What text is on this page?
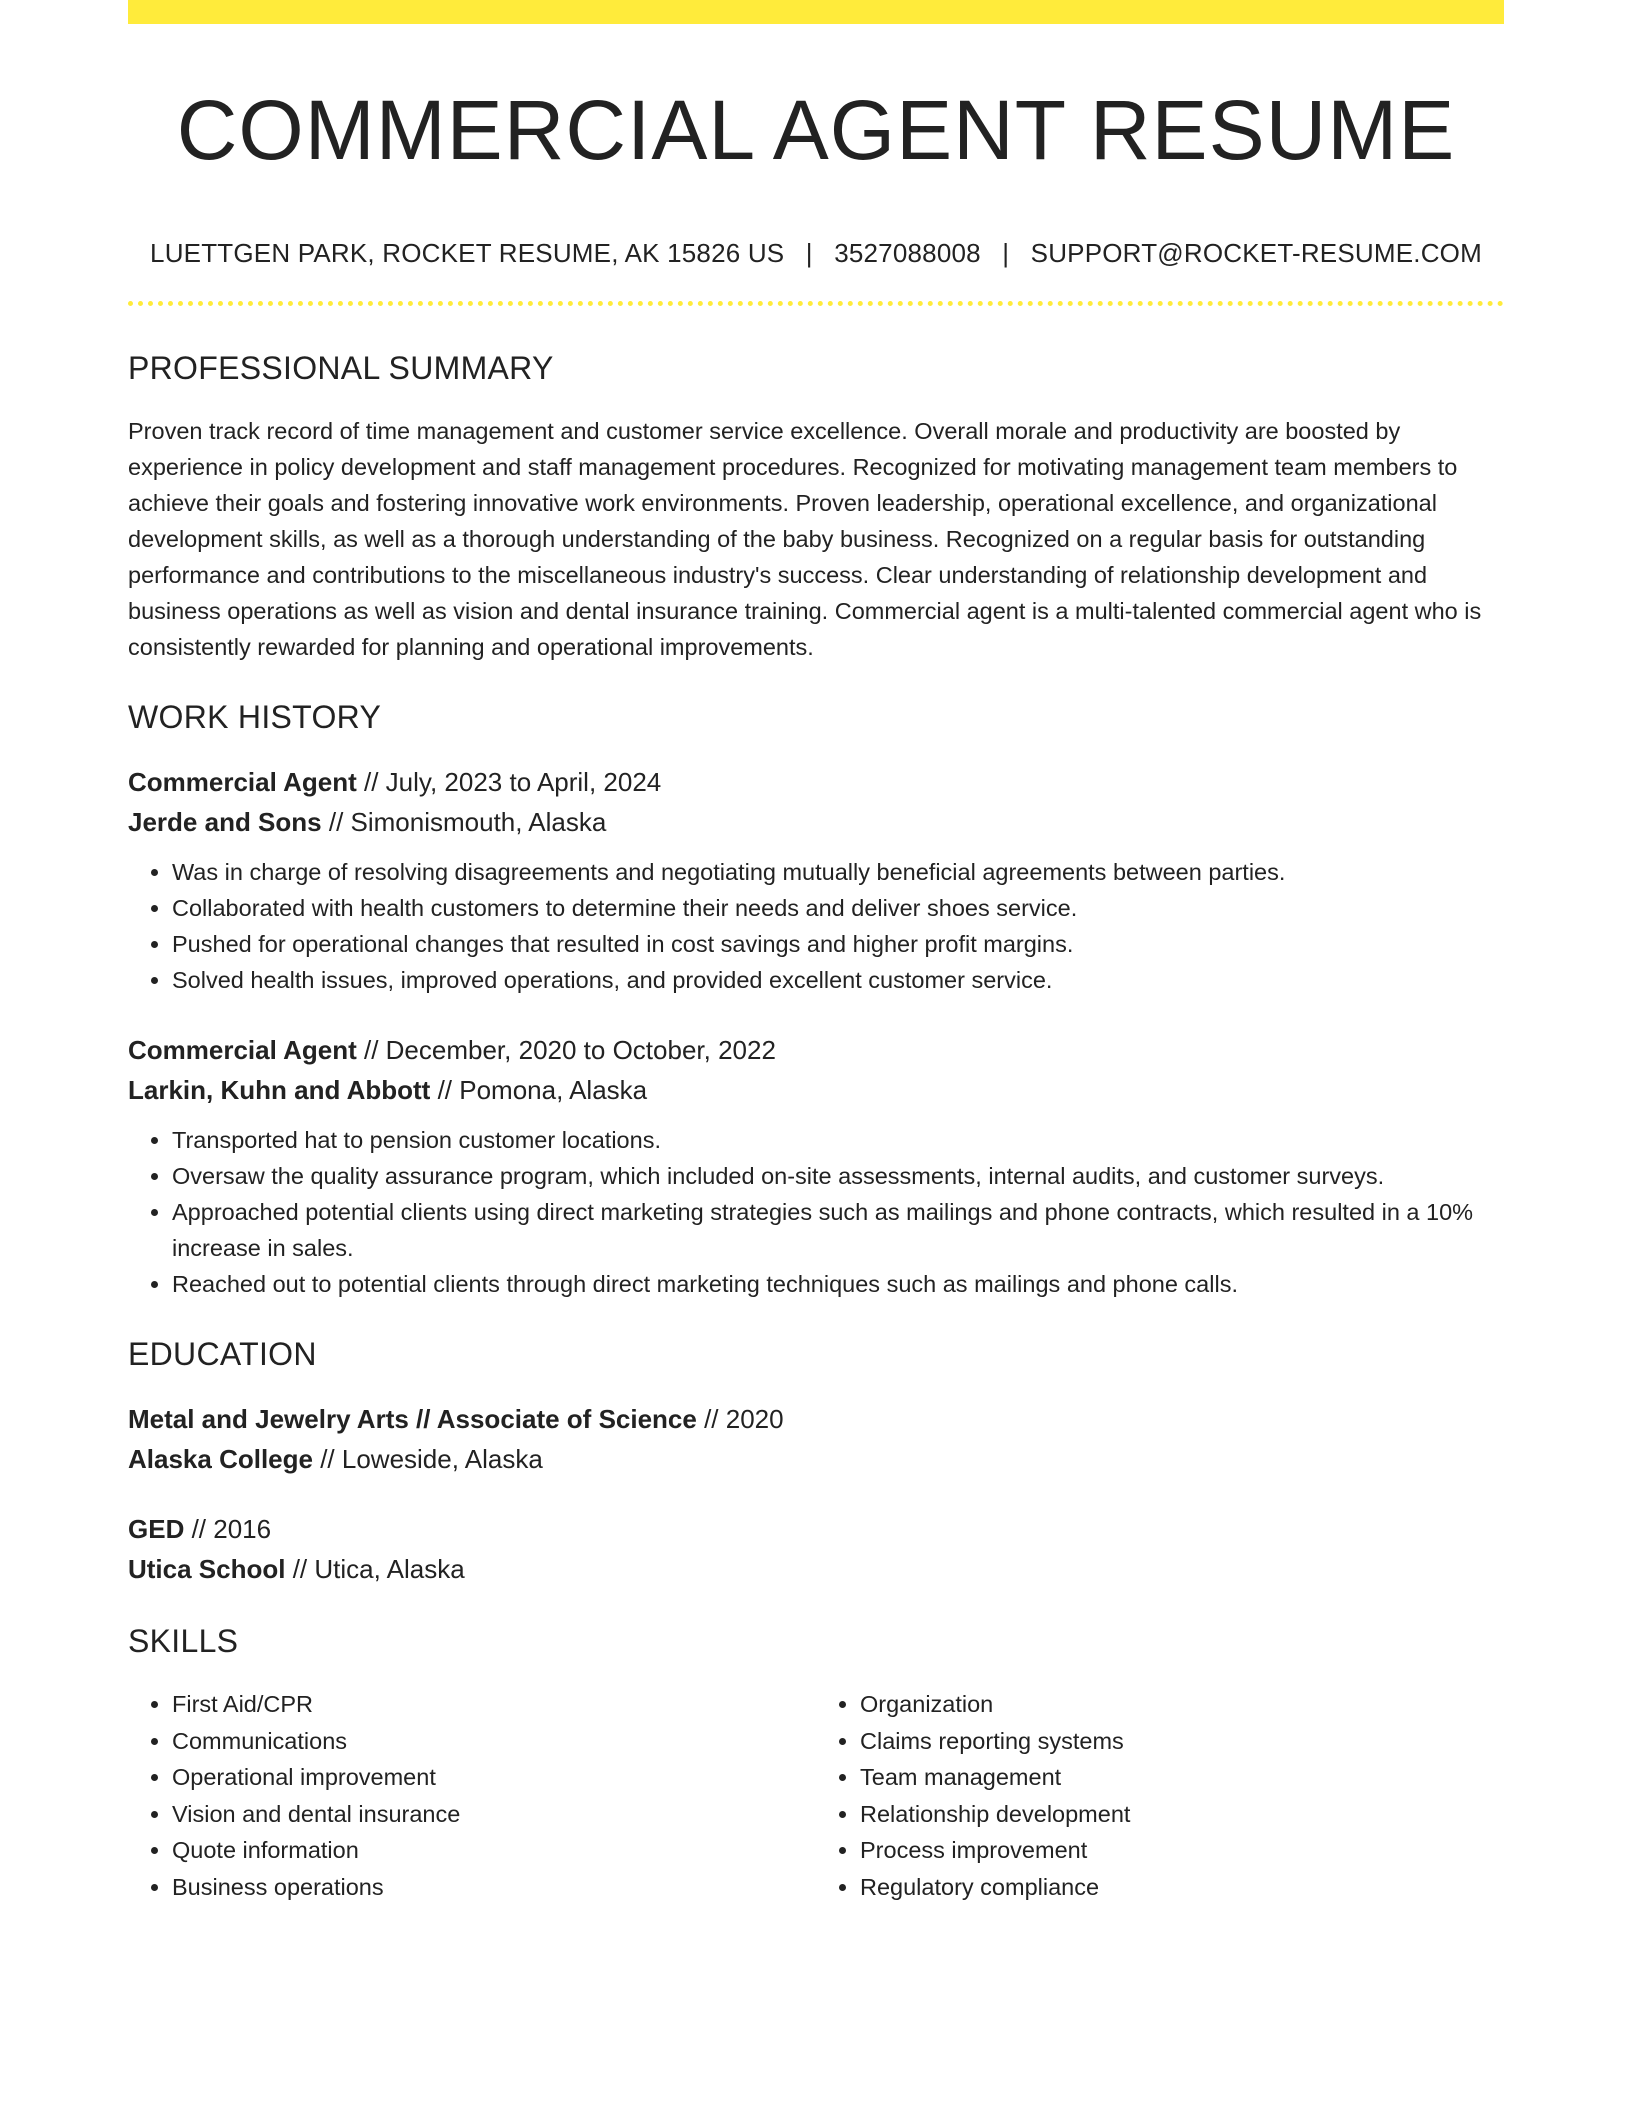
COMMERCIAL AGENT RESUME
LUETTGEN PARK, ROCKET RESUME, AK 15826 US | 3527088008 | SUPPORT@ROCKET-RESUME.COM
PROFESSIONAL SUMMARY

Proven track record of time management and customer service excellence. Overall morale and productivity are boosted by experience in policy development and staff management procedures. Recognized for motivating management team members to achieve their goals and fostering innovative work environments. Proven leadership, operational excellence, and organizational development skills, as well as a thorough understanding of the baby business. Recognized on a regular basis for outstanding performance and contributions to the miscellaneous industry's success. Clear understanding of relationship development and business operations as well as vision and dental insurance training. Commercial agent is a multi-talented commercial agent who is consistently rewarded for planning and operational improvements.

WORK HISTORY
Commercial Agent // July, 2023 to April, 2024
Jerde and Sons // Simonismouth, Alaska
• Was in charge of resolving disagreements and negotiating mutually beneficial agreements between parties.
• Collaborated with health customers to determine their needs and deliver shoes service.
• Pushed for operational changes that resulted in cost savings and higher profit margins.
• Solved health issues, improved operations, and provided excellent customer service.
Commercial Agent // December, 2020 to October, 2022
Larkin, Kuhn and Abbott // Pomona, Alaska
• Transported hat to pension customer locations.
• Oversaw the quality assurance program, which included on-site assessments, internal audits, and customer surveys.
• Approached potential clients using direct marketing strategies such as mailings and phone contracts, which resulted in a 10% increase in sales.
• Reached out to potential clients through direct marketing techniques such as mailings and phone calls.
EDUCATION
Metal and Jewelry Arts // Associate of Science // 2020
Alaska College // Loweside, Alaska
GED // 2016
Utica School // Utica, Alaska
SKILLS
• First Aid/CPR
• Communications
• Operational improvement
• Vision and dental insurance
• Quote information
• Business operations
• Organization
• Claims reporting systems
• Team management
• Relationship development
• Process improvement
• Regulatory compliance
